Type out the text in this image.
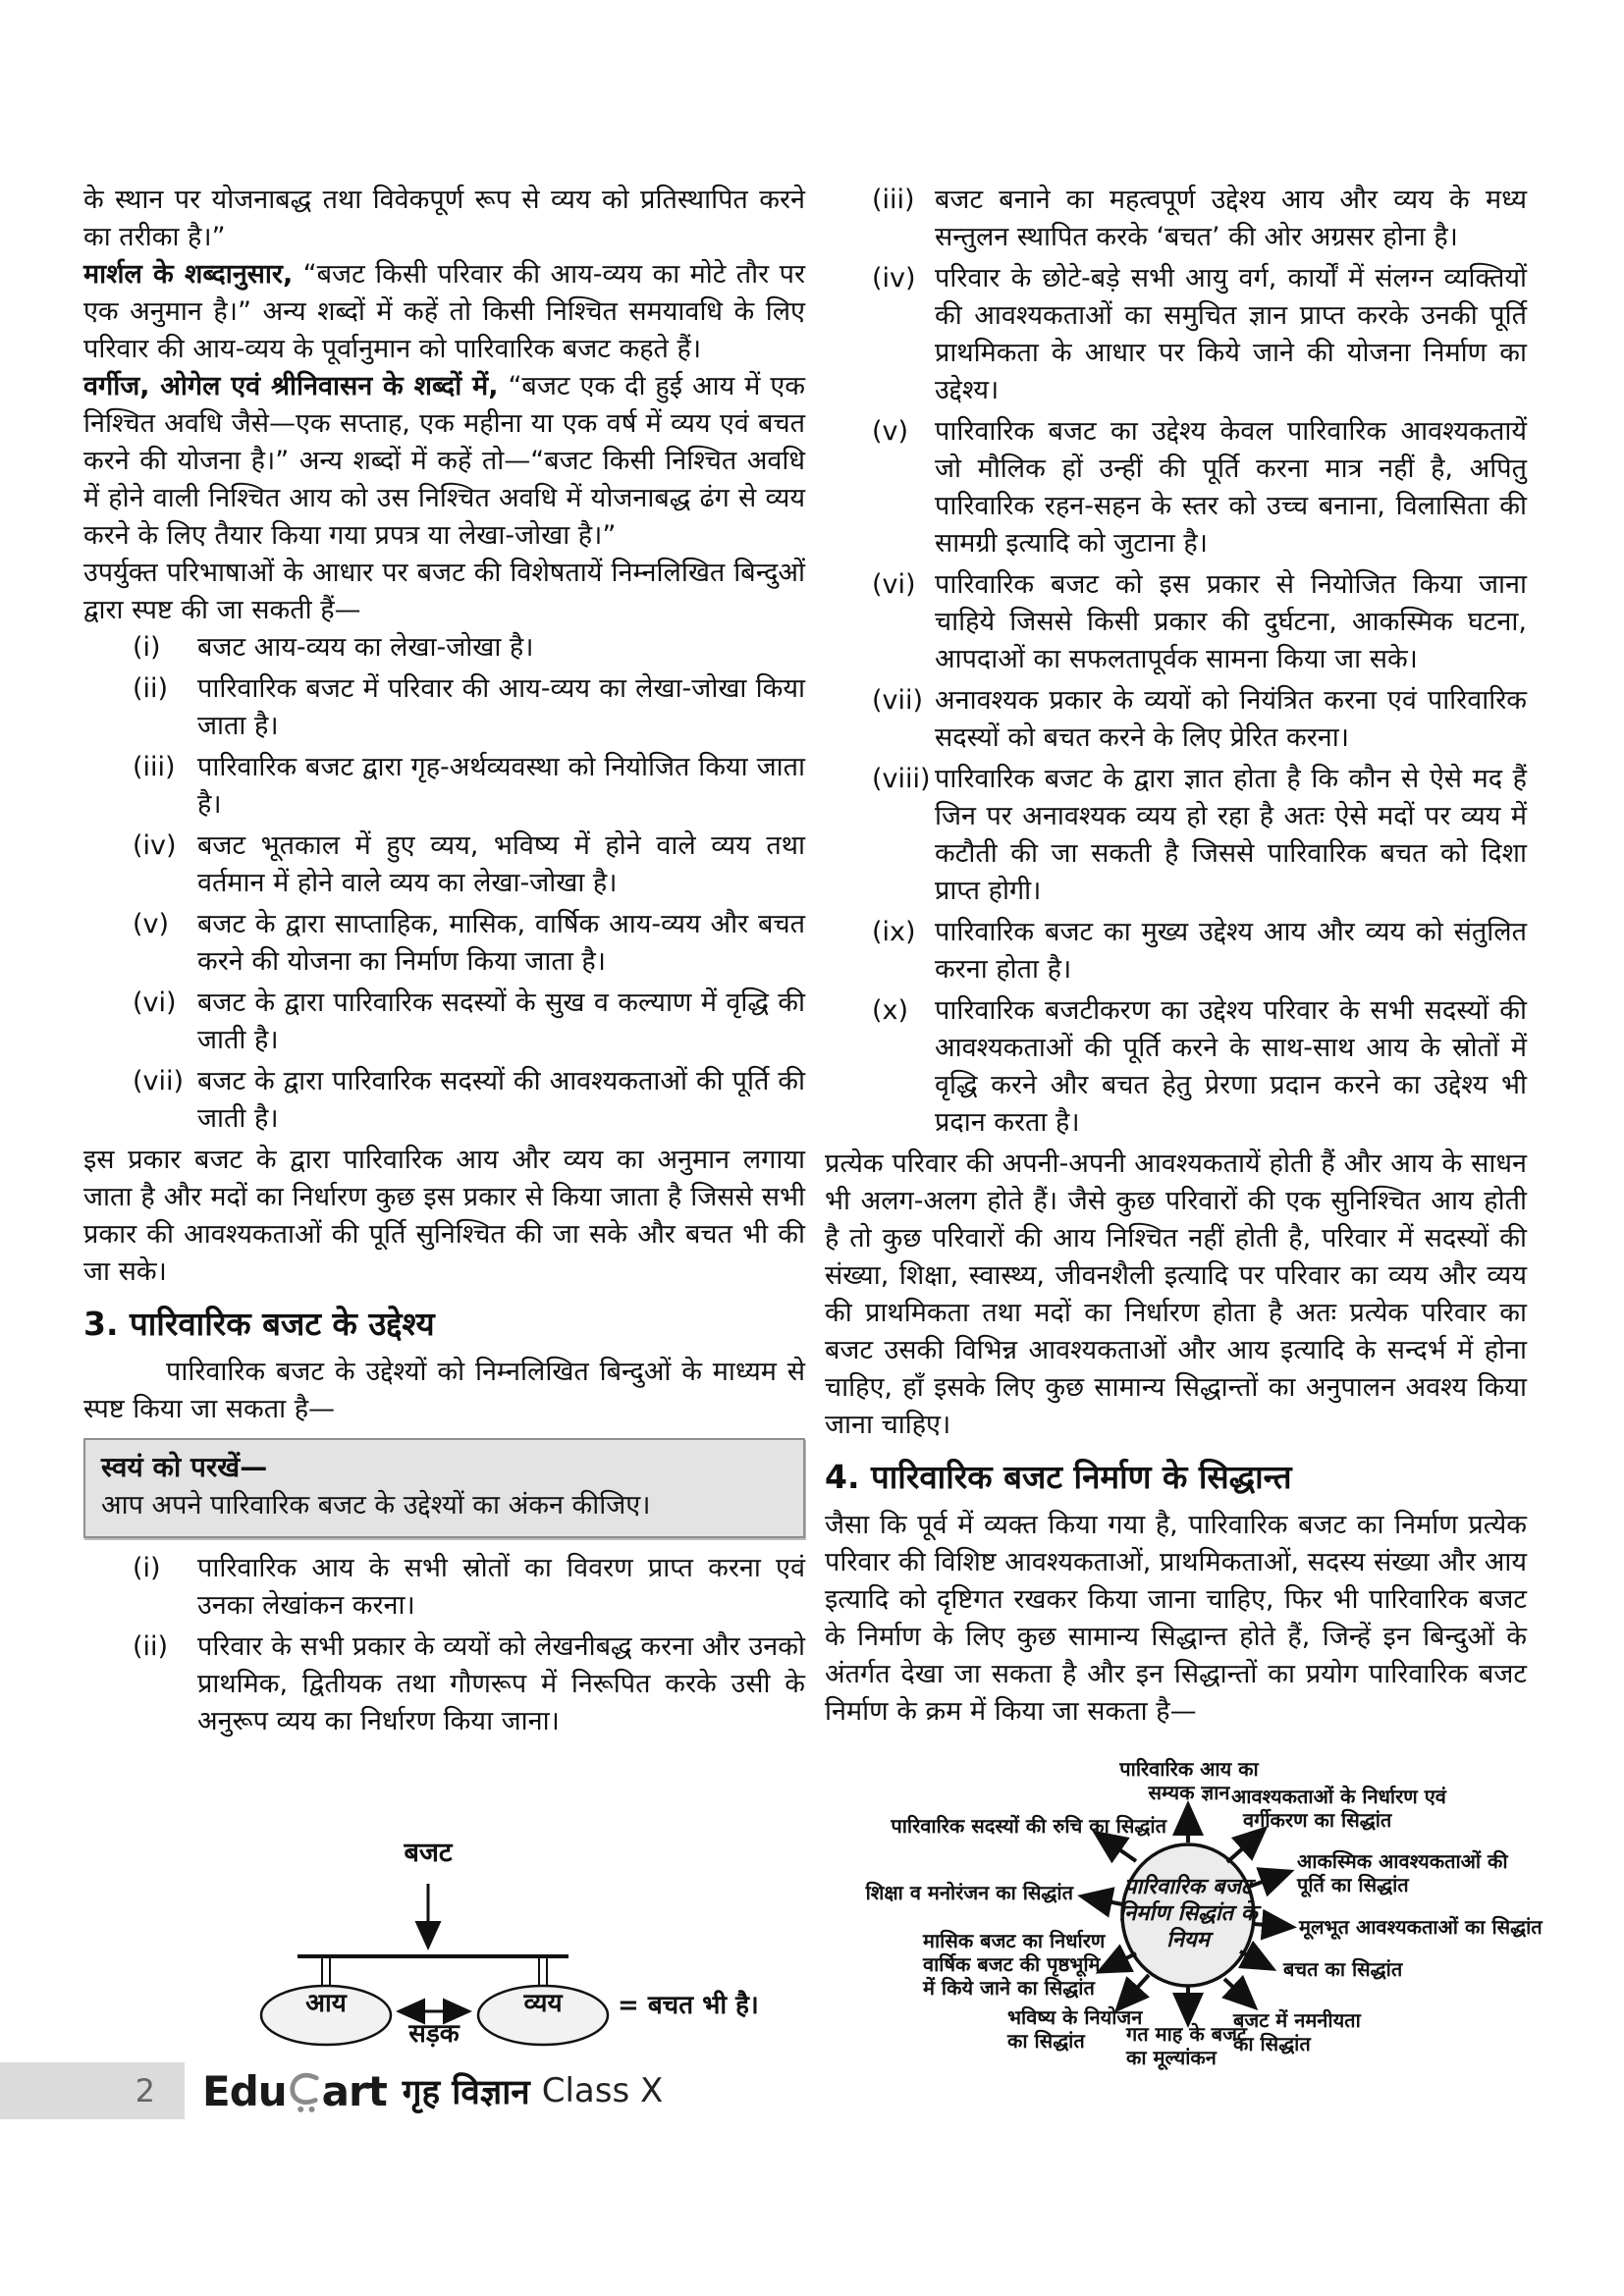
के स्थान पर योजनाबद्ध तथा विवेकपूर्ण रूप से व्यय को प्रतिस्थापित करने का तरीका है।”

मार्शल के शब्दानुसार, “बजट किसी परिवार की आय-व्यय का मोटे तौर पर एक अनुमान है।” अन्य शब्दों में कहें तो किसी निश्चित समयावधि के लिए परिवार की आय-व्यय के पूर्वानुमान को पारिवारिक बजट कहते हैं।

वर्गीज, ओगेल एवं श्रीनिवासन के शब्दों में, “बजट एक दी हुई आय में एक निश्चित अवधि जैसे—एक सप्ताह, एक महीना या एक वर्ष में व्यय एवं बचत करने की योजना है।” अन्य शब्दों में कहें तो—“बजट किसी निश्चित अवधि में होने वाली निश्चित आय को उस निश्चित अवधि में योजनाबद्ध ढंग से व्यय करने के लिए तैयार किया गया प्रपत्र या लेखा-जोखा है।”

उपर्युक्त परिभाषाओं के आधार पर बजट की विशेषतायें निम्नलिखित बिन्दुओं द्वारा स्पष्ट की जा सकती हैं—

(i)	बजट आय-व्यय का लेखा-जोखा है।
(ii)	पारिवारिक बजट में परिवार की आय-व्यय का लेखा-जोखा किया जाता है।
(iii) पारिवारिक बजट द्वारा गृह-अर्थव्यवस्था को नियोजित किया जाता है।
(iv) बजट भूतकाल में हुए व्यय, भविष्य में होने वाले व्यय तथा वर्तमान में होने वाले व्यय का लेखा-जोखा है।
(v)	बजट के द्वारा साप्ताहिक, मासिक, वार्षिक आय-व्यय और बचत करने की योजना का निर्माण किया जाता है।
(vi) बजट के द्वारा पारिवारिक सदस्यों के सुख व कल्याण में वृद्धि की जाती है।
(vii) बजट के द्वारा पारिवारिक सदस्यों की आवश्यकताओं की पूर्ति की जाती है।

इस प्रकार बजट के द्वारा पारिवारिक आय और व्यय का अनुमान लगाया जाता है और मदों का निर्धारण कुछ इस प्रकार से किया जाता है जिससे सभी प्रकार की आवश्यकताओं की पूर्ति सुनिश्चित की जा सके और बचत भी की जा सके।

3. पारिवारिक बजट के उद्देश्य

पारिवारिक बजट के उद्देश्यों को निम्नलिखित बिन्दुओं के माध्यम से स्पष्ट किया जा सकता है—

स्वयं को परखें—
आप अपने पारिवारिक बजट के उद्देश्यों का अंकन कीजिए।
(i)	पारिवारिक आय के सभी स्रोतों का विवरण प्राप्त करना एवं उनका लेखांकन करना।
(ii)	परिवार के सभी प्रकार के व्ययों को लेखनीबद्ध करना और उनको प्राथमिक, द्वितीयक तथा गौणरूप में निरूपित करके उसी के अनुरूप व्यय का निर्धारण किया जाना।
बजट
आय	व्यय
सड़क
= बचत भी है।
(iii) बजट बनाने का महत्वपूर्ण उद्देश्य आय और व्यय के मध्य सन्तुलन स्थापित करके ‘बचत’ की ओर अग्रसर होना है।
(iv) परिवार के छोटे-बड़े सभी आयु वर्ग, कार्यों में संलग्न व्यक्तियों की आवश्यकताओं का समुचित ज्ञान प्राप्त करके उनकी पूर्ति प्राथमिकता के आधार पर किये जाने की योजना निर्माण का उद्देश्य।
(v) पारिवारिक बजट का उद्देश्य केवल पारिवारिक आवश्यकतायें जो मौलिक हों उन्हीं की पूर्ति करना मात्र नहीं है, अपितु पारिवारिक रहन-सहन के स्तर को उच्च बनाना, विलासिता की सामग्री इत्यादि को जुटाना है।
(vi) पारिवारिक बजट को इस प्रकार से नियोजित किया जाना चाहिये जिससे किसी प्रकार की दुर्घटना, आकस्मिक घटना, आपदाओं का सफलतापूर्वक सामना किया जा सके।
(vii) अनावश्यक प्रकार के व्ययों को नियंत्रित करना एवं पारिवारिक सदस्यों को बचत करने के लिए प्रेरित करना।
(viii) पारिवारिक बजट के द्वारा ज्ञात होता है कि कौन से ऐसे मद हैं जिन पर अनावश्यक व्यय हो रहा है अतः ऐसे मदों पर व्यय में कटौती की जा सकती है जिससे पारिवारिक बचत को दिशा प्राप्त होगी।
(ix) पारिवारिक बजट का मुख्य उद्देश्य आय और व्यय को संतुलित करना होता है।
(x) पारिवारिक बजटीकरण का उद्देश्य परिवार के सभी सदस्यों की आवश्यकताओं की पूर्ति करने के साथ-साथ आय के स्रोतों में वृद्धि करने और बचत हेतु प्रेरणा प्रदान करने का उद्देश्य भी प्रदान करता है।

प्रत्येक परिवार की अपनी-अपनी आवश्यकतायें होती हैं और आय के साधन भी अलग-अलग होते हैं। जैसे कुछ परिवारों की एक सुनिश्चित आय होती है तो कुछ परिवारों की आय निश्चित नहीं होती है, परिवार में सदस्यों की संख्या, शिक्षा, स्वास्थ्य, जीवनशैली इत्यादि पर परिवार का व्यय और व्यय की प्राथमिकता तथा मदों का निर्धारण होता है अतः प्रत्येक परिवार का बजट उसकी विभिन्न आवश्यकताओं और आय इत्यादि के सन्दर्भ में होना चाहिए, हाँ इसके लिए कुछ सामान्य सिद्धान्तों का अनुपालन अवश्य किया जाना चाहिए।

4. पारिवारिक बजट निर्माण के सिद्धान्त

जैसा कि पूर्व में व्यक्त किया गया है, पारिवारिक बजट का निर्माण प्रत्येक परिवार की विशिष्ट आवश्यकताओं, प्राथमिकताओं, सदस्य संख्या और आय इत्यादि को दृष्टिगत रखकर किया जाना चाहिए, फिर भी पारिवारिक बजट के निर्माण के लिए कुछ सामान्य सिद्धान्त होते हैं, जिन्हें इन बिन्दुओं के अंतर्गत देखा जा सकता है और इन सिद्धान्तों का प्रयोग पारिवारिक बजट निर्माण के क्रम में किया जा सकता है—

पारिवारिक बजट निर्माण सिद्धांत के नियम
पारिवारिक आय का
सम्यक ज्ञान आवश्यकताओं के निर्धारण एवं
वर्गीकरण का सिद्धांत
पारिवारिक सदस्यों की रुचि का सिद्धांत
आकस्मिक आवश्यकताओं की
पूर्ति का सिद्धांत
शिक्षा व मनोरंजन का सिद्धांत
मूलभूत आवश्यकताओं का सिद्धांत
मासिक बजट का निर्धारण
वार्षिक बजट की पृष्ठभूमि
में किये जाने का सिद्धांत
बचत का सिद्धांत
भविष्य के नियोजन
का सिद्धांत	गत माह के बजट
का मूल्यांकन
बजट में नमनीयता
का सिद्धांत
2 Edu art गृह विज्ञान Class X
